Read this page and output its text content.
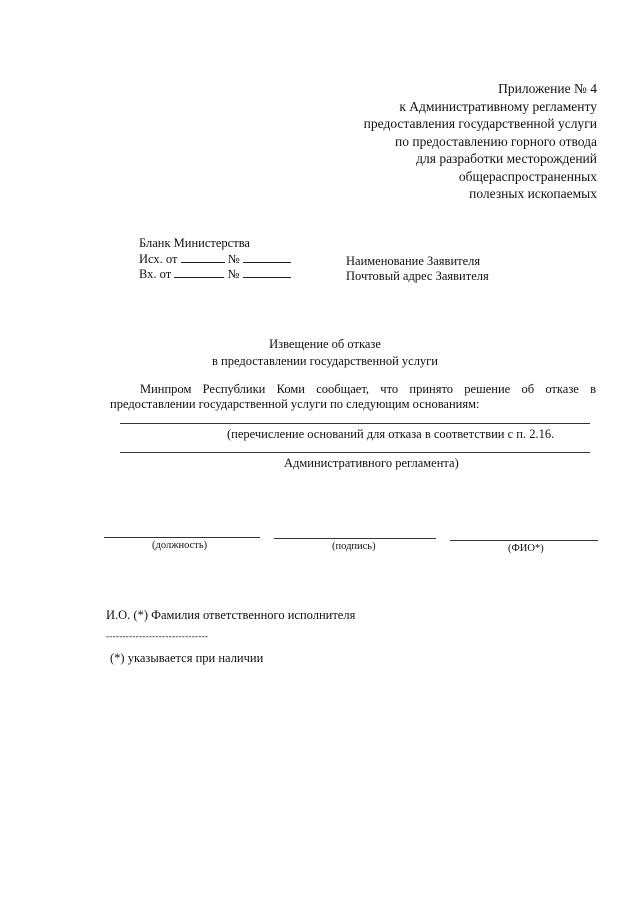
Приложение № 4
к Административному регламенту
предоставления государственной услуги
по предоставлению горного отвода
для разработки месторождений
общераспространенных
полезных ископаемых
Бланк Министерства
Исх. от	№
Вх. от	№
Наименование Заявителя
Почтовый адрес Заявителя
Извещение об отказе
в предоставлении государственной услуги
Минпром Республики Коми сообщает, что принято решение об отказе в
предоставлении государственной услуги по следующим основаниям:
(перечисление оснований для отказа в соответствии с п. 2.16.
Административного регламента)
(должность)	(подпись)	(ФИО*)
И.О. (*) Фамилия ответственного исполнителя
-------------------------------
(*) указывается при наличии
